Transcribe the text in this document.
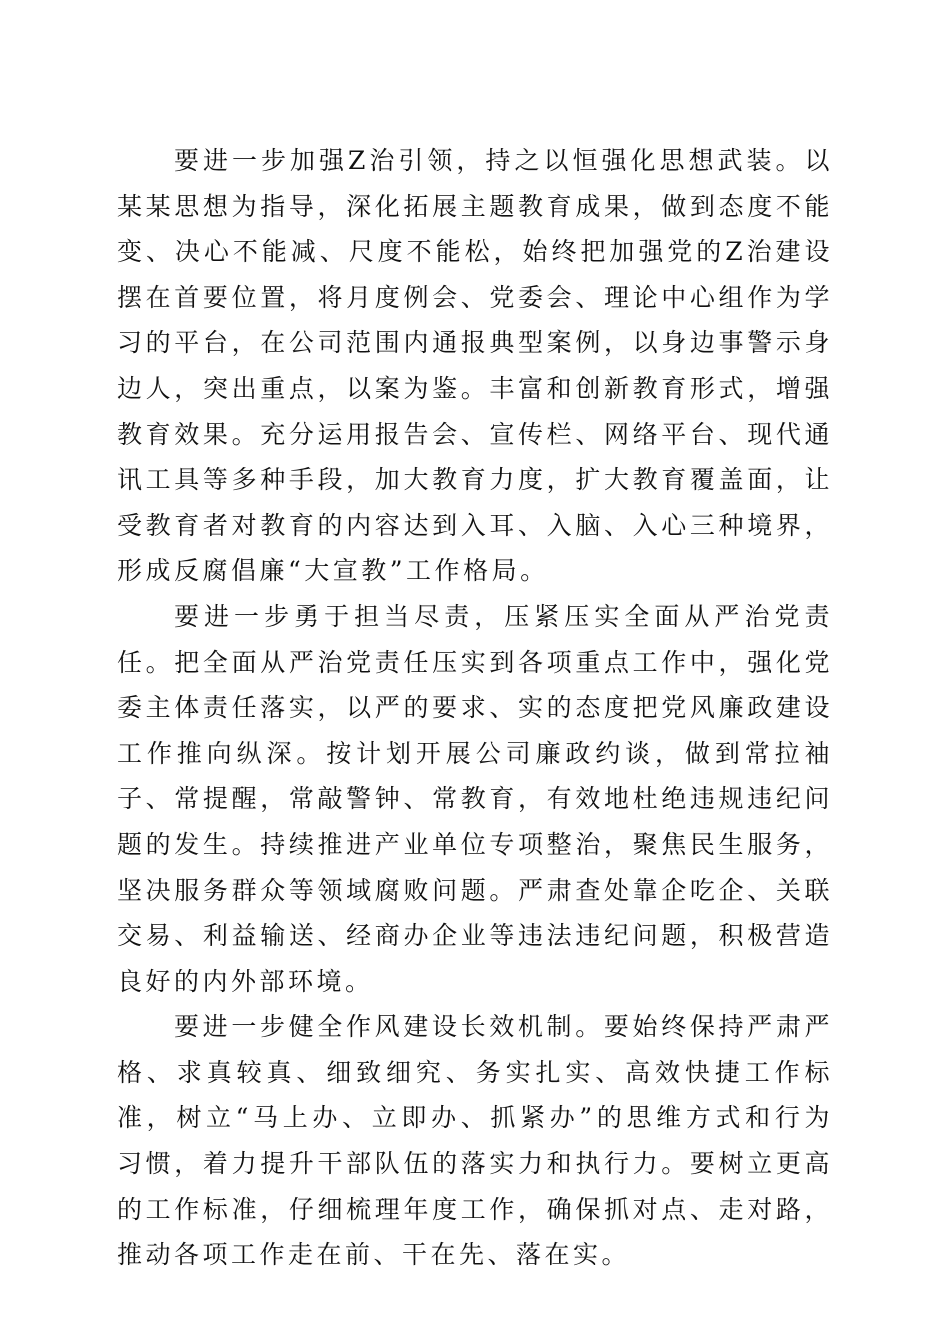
要进一步加强Z治引领，持之以恒强化思想武装。以某某思想为指导，深化拓展主题教育成果，做到态度不能变、决心不能减、尺度不能松，始终把加强党的Z治建设摆在首要位置，将月度例会、党委会、理论中心组作为学习的平台，在公司范围内通报典型案例，以身边事警示身边人，突出重点，以案为鉴。丰富和创新教育形式，增强教育效果。充分运用报告会、宣传栏、网络平台、现代通讯工具等多种手段，加大教育力度，扩大教育覆盖面，让受教育者对教育的内容达到入耳、入脑、入心三种境界，形成反腐倡廉“大宣教”工作格局。

要进一步勇于担当尽责，压紧压实全面从严治党责任。把全面从严治党责任压实到各项重点工作中，强化党委主体责任落实，以严的要求、实的态度把党风廉政建设工作推向纵深。按计划开展公司廉政约谈，做到常拉袖子、常提醒，常敲警钟、常教育，有效地杜绝违规违纪问题的发生。持续推进产业单位专项整治，聚焦民生服务，坚决服务群众等领域腐败问题。严肃查处靠企吃企、关联交易、利益输送、经商办企业等违法违纪问题，积极营造良好的内外部环境。

要进一步健全作风建设长效机制。要始终保持严肃严格、求真较真、细致细究、务实扎实、高效快捷工作标准，树立“马上办、立即办、抓紧办”的思维方式和行为习惯，着力提升干部队伍的落实力和执行力。要树立更高的工作标准，仔细梳理年度工作，确保抓对点、走对路，推动各项工作走在前、干在先、落在实。
